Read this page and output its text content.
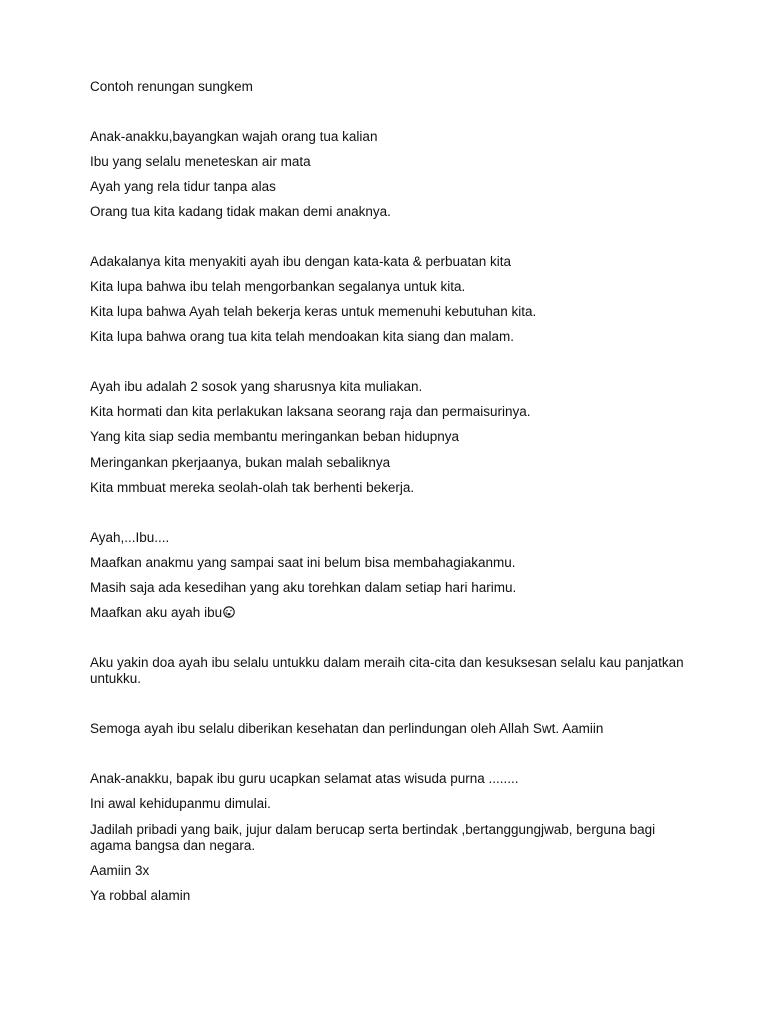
Contoh renungan sungkem
Anak-anakku,bayangkan wajah orang tua kalian
Ibu yang selalu meneteskan air mata
Ayah yang rela tidur tanpa alas
Orang tua kita kadang tidak makan demi anaknya.
Adakalanya kita menyakiti ayah ibu dengan kata-kata & perbuatan kita
Kita lupa bahwa ibu telah mengorbankan segalanya untuk kita.
Kita lupa bahwa Ayah telah bekerja keras untuk memenuhi kebutuhan kita.
Kita lupa bahwa orang tua kita telah mendoakan kita siang dan malam.
Ayah ibu adalah 2 sosok yang sharusnya kita muliakan.
Kita hormati dan kita perlakukan laksana seorang raja dan permaisurinya.
Yang kita siap sedia membantu meringankan beban hidupnya
Meringankan pkerjaanya, bukan malah sebaliknya
Kita mmbuat mereka seolah-olah tak berhenti bekerja.
Ayah,...Ibu....
Maafkan anakmu yang sampai saat ini belum bisa membahagiakanmu.
Masih saja ada kesedihan yang aku torehkan dalam setiap hari harimu.
Maafkan aku ayah ibu
Aku yakin doa ayah ibu selalu untukku dalam meraih cita-cita dan kesuksesan selalu kau panjatkan untukku.
Semoga ayah ibu selalu diberikan kesehatan dan perlindungan oleh Allah Swt. Aamiin
Anak-anakku, bapak ibu guru ucapkan selamat atas wisuda purna ........
Ini awal kehidupanmu dimulai.
Jadilah pribadi yang baik, jujur dalam berucap serta bertindak ,bertanggungjwab, berguna bagi agama bangsa dan negara.
Aamiin 3x
Ya robbal alamin
